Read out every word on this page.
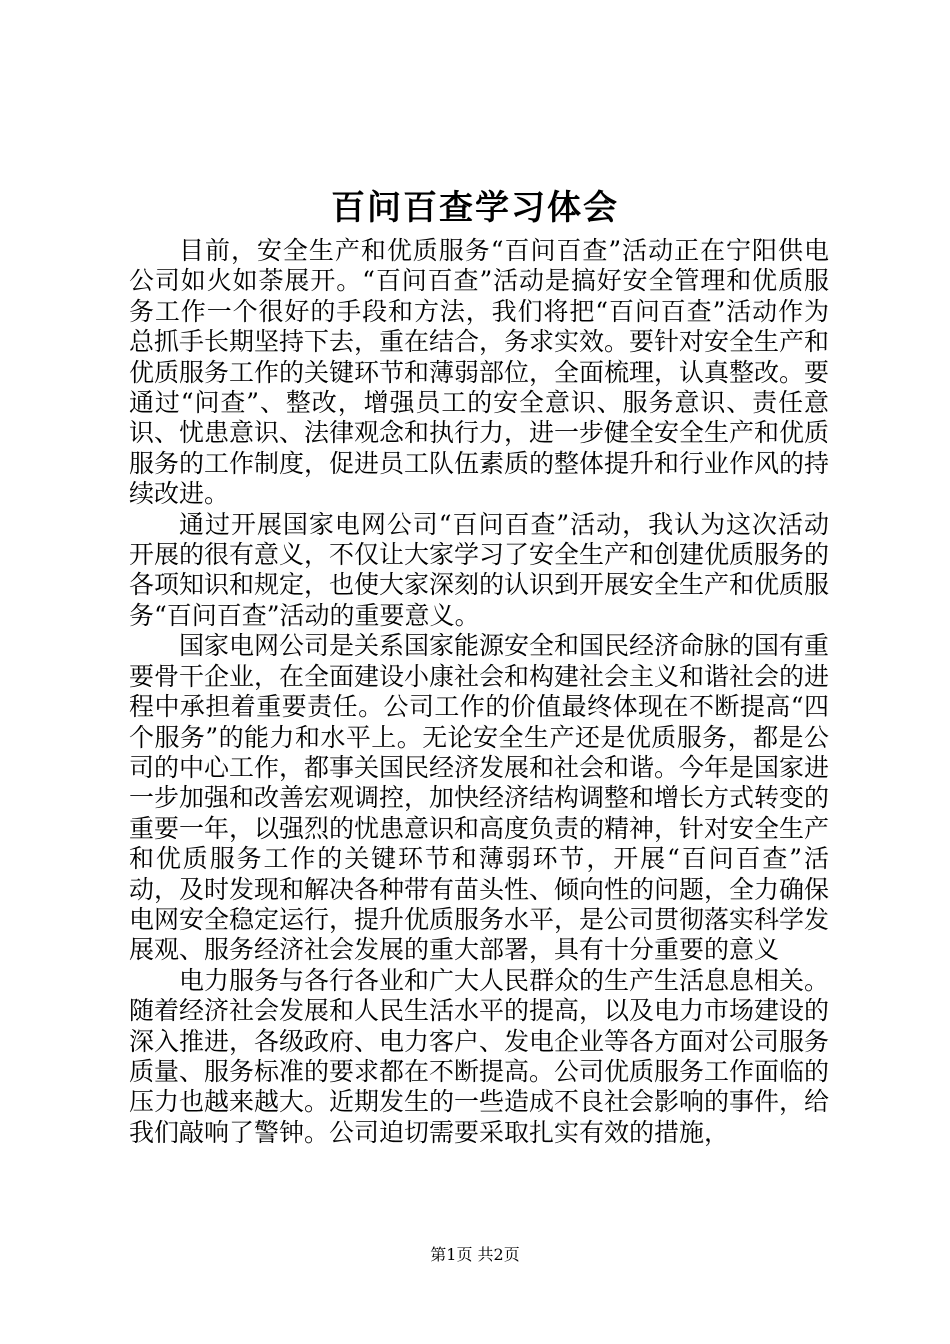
百问百查学习体会

目前，安全生产和优质服务“百问百查”活动正在宁阳供电公司如火如荼展开。“百问百查”活动是搞好安全管理和优质服务工作一个很好的手段和方法，我们将把“百问百查”活动作为总抓手长期坚持下去，重在结合，务求实效。要针对安全生产和优质服务工作的关键环节和薄弱部位，全面梳理，认真整改。要通过“问查”、整改，增强员工的安全意识、服务意识、责任意识、忧患意识、法律观念和执行力，进一步健全安全生产和优质服务的工作制度，促进员工队伍素质的整体提升和行业作风的持续改进。

通过开展国家电网公司“百问百查”活动，我认为这次活动开展的很有意义，不仅让大家学习了安全生产和创建优质服务的各项知识和规定，也使大家深刻的认识到开展安全生产和优质服务“百问百查”活动的重要意义。

国家电网公司是关系国家能源安全和国民经济命脉的国有重要骨干企业，在全面建设小康社会和构建社会主义和谐社会的进程中承担着重要责任。公司工作的价值最终体现在不断提高“四个服务”的能力和水平上。无论安全生产还是优质服务，都是公司的中心工作，都事关国民经济发展和社会和谐。今年是国家进一步加强和改善宏观调控，加快经济结构调整和增长方式转变的重要一年，以强烈的忧患意识和高度负责的精神，针对安全生产和优质服务工作的关键环节和薄弱环节，开展“百问百查”活动，及时发现和解决各种带有苗头性、倾向性的问题，全力确保电网安全稳定运行，提升优质服务水平，是公司贯彻落实科学发展观、服务经济社会发展的重大部署，具有十分重要的意义

电力服务与各行各业和广大人民群众的生产生活息息相关。随着经济社会发展和人民生活水平的提高，以及电力市场建设的深入推进，各级政府、电力客户、发电企业等各方面对公司服务质量、服务标准的要求都在不断提高。公司优质服务工作面临的压力也越来越大。近期发生的一些造成不良社会影响的事件，给我们敲响了警钟。公司迫切需要采取扎实有效的措施，

第1页 共2页
